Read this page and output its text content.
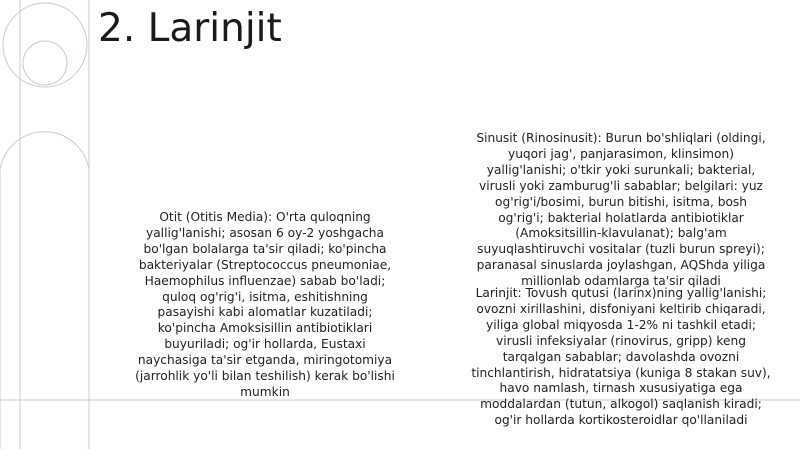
2. Larinjit
Otit (Otitis Media): O'rta quloqning
yallig'lanishi; asosan 6 oy-2 yoshgacha
bo'lgan bolalarga ta'sir qiladi; ko'pincha
bakteriyalar (Streptococcus pneumoniae,
Haemophilus influenzae) sabab bo'ladi;
quloq og'rig'i, isitma, eshitishning
pasayishi kabi alomatlar kuzatiladi;
ko'pincha Amoksisillin antibiotiklari
buyuriladi; og'ir hollarda, Eustaxi
naychasiga ta'sir etganda, miringotomiya
(jarrohlik yo'li bilan teshilish) kerak bo'lishi
mumkin
Sinusit (Rinosinusit): Burun bo'shliqlari (oldingi,
yuqori jag', panjarasimon, klinsimon)
yallig'lanishi; o'tkir yoki surunkali; bakterial,
virusli yoki zamburug'li sabablar; belgilari: yuz
og'rig'i/bosimi, burun bitishi, isitma, bosh
og'rig'i; bakterial holatlarda antibiotiklar
(Amoksitsillin-klavulanat); balg'am
suyuqlashtiruvchi vositalar (tuzli burun spreyi);
paranasal sinuslarda joylashgan, AQShda yiliga
millionlab odamlarga ta'sir qiladi
Larinjit: Tovush qutusi (larinx)ning yallig'lanishi;
ovozni xirillashini, disfoniyani keltirib chiqaradi,
yiliga global miqyosda 1-2% ni tashkil etadi;
virusli infeksiyalar (rinovirus, gripp) keng
tarqalgan sabablar; davolashda ovozni
tinchlantirish, hidratatsiya (kuniga 8 stakan suv),
havo namlash, tirnash xususiyatiga ega
moddalardan (tutun, alkogol) saqlanish kiradi;
og'ir hollarda kortikosteroidlar qo'llaniladi
